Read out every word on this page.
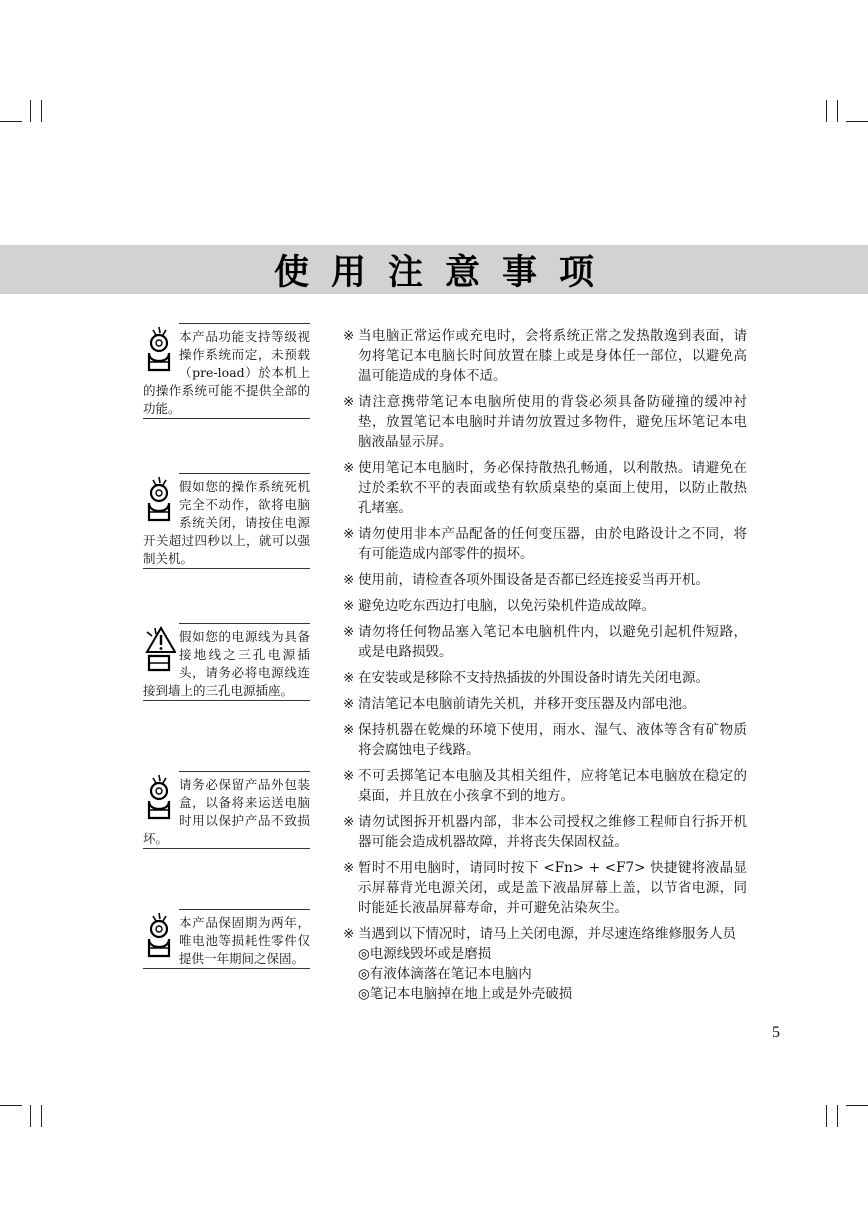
使用注意事项

本产品功能支持等级视操作系统而定，未预载（pre-load）於本机上的操作系统可能不提供全部的功能。

假如您的操作系统死机完全不动作，欲将电脑系统关闭，请按住电源开关超过四秒以上，就可以强制关机。

假如您的电源线为具备接地线之三孔电源插头，请务必将电源线连接到墙上的三孔电源插座。

请务必保留产品外包装盒，以备将来运送电脑时用以保护产品不致损坏。

本产品保固期为两年，唯电池等损耗性零件仅提供一年期间之保固。

※ 当电脑正常运作或充电时，会将系统正常之发热散逸到表面，请勿将笔记本电脑长时间放置在膝上或是身体任一部位，以避免高温可能造成的身体不适。
※ 请注意携带笔记本电脑所使用的背袋必须具备防碰撞的缓冲衬垫，放置笔记本电脑时并请勿放置过多物件，避免压坏笔记本电脑液晶显示屏。
※ 使用笔记本电脑时，务必保持散热孔畅通，以利散热。请避免在过於柔软不平的表面或垫有软质桌垫的桌面上使用，以防止散热孔堵塞。
※ 请勿使用非本产品配备的任何变压器，由於电路设计之不同，将有可能造成内部零件的损坏。
※ 使用前，请检查各项外围设备是否都已经连接妥当再开机。
※ 避免边吃东西边打电脑，以免污染机件造成故障。
※ 请勿将任何物品塞入笔记本电脑机件内，以避免引起机件短路，或是电路损毁。
※ 在安装或是移除不支持热插拔的外围设备时请先关闭电源。
※ 清洁笔记本电脑前请先关机，并移开变压器及内部电池。
※ 保持机器在乾燥的环境下使用，雨水、湿气、液体等含有矿物质将会腐蚀电子线路。
※ 不可丢掷笔记本电脑及其相关组件，应将笔记本电脑放在稳定的桌面，并且放在小孩拿不到的地方。
※ 请勿试图拆开机器内部，非本公司授权之维修工程师自行拆开机器可能会造成机器故障，并将丧失保固权益。
※ 暂时不用电脑时，请同时按下 <Fn> + <F7> 快捷键将液晶显示屏幕背光电源关闭，或是盖下液晶屏幕上盖，以节省电源，同时能延长液晶屏幕寿命，并可避免沾染灰尘。
※ 当遇到以下情况时，请马上关闭电源，并尽速连络维修服务人员
◎电源线毁坏或是磨损
◎有液体滴落在笔记本电脑内
◎笔记本电脑掉在地上或是外壳破损
5
